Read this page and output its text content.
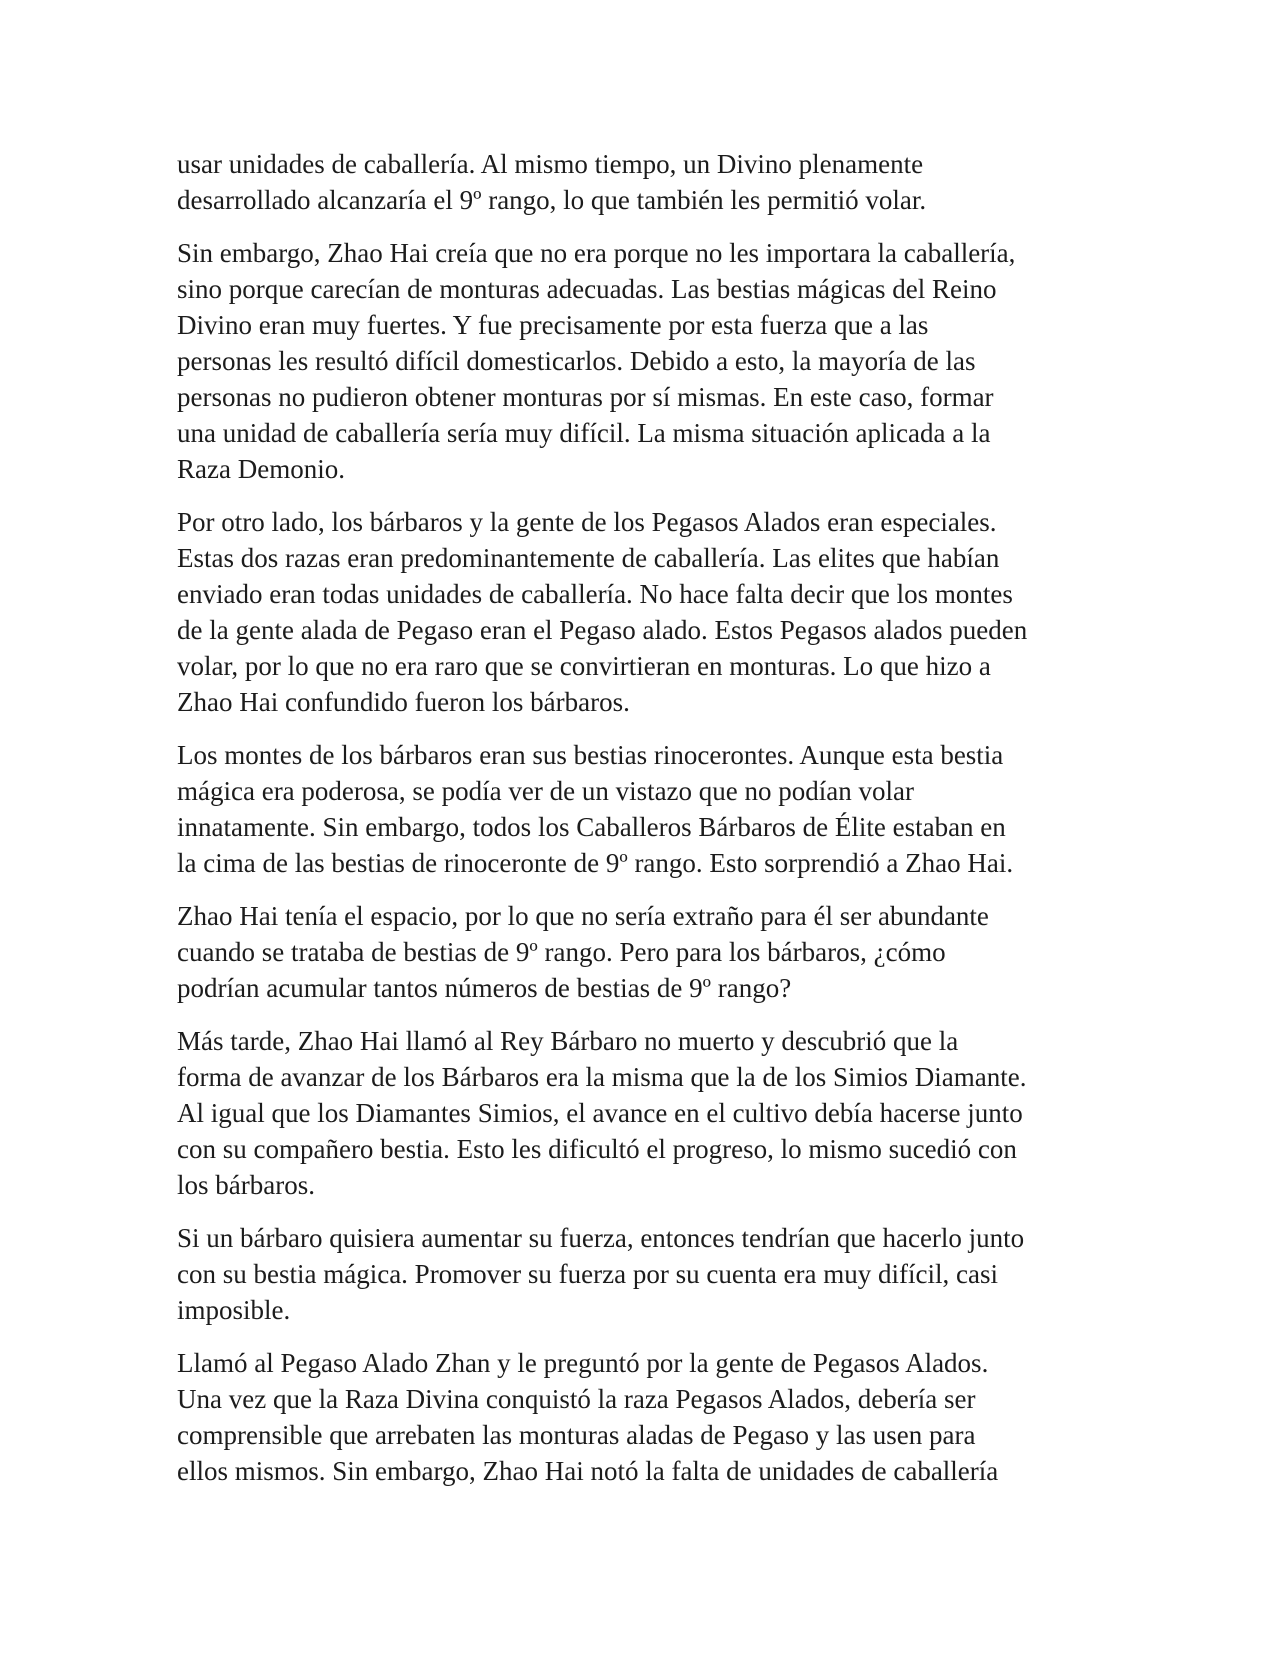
usar unidades de caballería. Al mismo tiempo, un Divino plenamente
desarrollado alcanzaría el 9º rango, lo que también les permitió volar.

Sin embargo, Zhao Hai creía que no era porque no les importara la caballería,
sino porque carecían de monturas adecuadas. Las bestias mágicas del Reino
Divino eran muy fuertes. Y fue precisamente por esta fuerza que a las
personas les resultó difícil domesticarlos. Debido a esto, la mayoría de las
personas no pudieron obtener monturas por sí mismas. En este caso, formar
una unidad de caballería sería muy difícil. La misma situación aplicada a la
Raza Demonio.

Por otro lado, los bárbaros y la gente de los Pegasos Alados eran especiales.
Estas dos razas eran predominantemente de caballería. Las elites que habían
enviado eran todas unidades de caballería. No hace falta decir que los montes
de la gente alada de Pegaso eran el Pegaso alado. Estos Pegasos alados pueden
volar, por lo que no era raro que se convirtieran en monturas. Lo que hizo a
Zhao Hai confundido fueron los bárbaros.

Los montes de los bárbaros eran sus bestias rinocerontes. Aunque esta bestia
mágica era poderosa, se podía ver de un vistazo que no podían volar
innatamente. Sin embargo, todos los Caballeros Bárbaros de Élite estaban en
la cima de las bestias de rinoceronte de 9º rango. Esto sorprendió a Zhao Hai.

Zhao Hai tenía el espacio, por lo que no sería extraño para él ser abundante
cuando se trataba de bestias de 9º rango. Pero para los bárbaros, ¿cómo
podrían acumular tantos números de bestias de 9º rango?

Más tarde, Zhao Hai llamó al Rey Bárbaro no muerto y descubrió que la
forma de avanzar de los Bárbaros era la misma que la de los Simios Diamante.
Al igual que los Diamantes Simios, el avance en el cultivo debía hacerse junto
con su compañero bestia. Esto les dificultó el progreso, lo mismo sucedió con
los bárbaros.

Si un bárbaro quisiera aumentar su fuerza, entonces tendrían que hacerlo junto
con su bestia mágica. Promover su fuerza por su cuenta era muy difícil, casi
imposible.

Llamó al Pegaso Alado Zhan y le preguntó por la gente de Pegasos Alados.
Una vez que la Raza Divina conquistó la raza Pegasos Alados, debería ser
comprensible que arrebaten las monturas aladas de Pegaso y las usen para
ellos mismos. Sin embargo, Zhao Hai notó la falta de unidades de caballería
